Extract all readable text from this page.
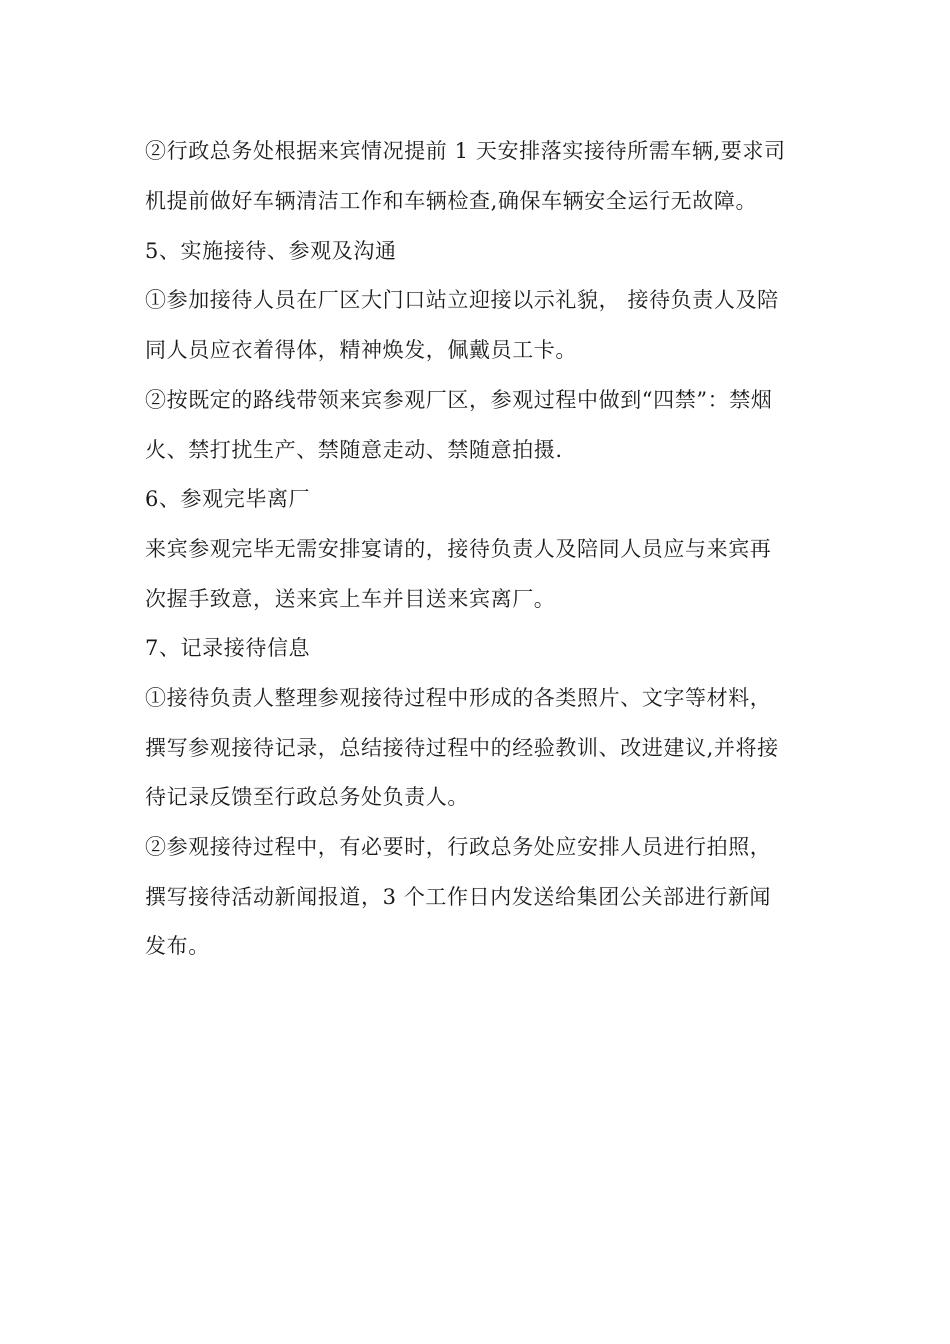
②行政总务处根据来宾情况提前 1 天安排落实接待所需车辆,要求司
机提前做好车辆清洁工作和车辆检查,确保车辆安全运行无故障。
5、实施接待、参观及沟通
①参加接待人员在厂区大门口站立迎接以示礼貌， 接待负责人及陪
同人员应衣着得体，精神焕发，佩戴员工卡。
②按既定的路线带领来宾参观厂区，参观过程中做到“四禁”：禁烟
火、禁打扰生产、禁随意走动、禁随意拍摄.
6、参观完毕离厂
来宾参观完毕无需安排宴请的，接待负责人及陪同人员应与来宾再
次握手致意，送来宾上车并目送来宾离厂。
7、记录接待信息
①接待负责人整理参观接待过程中形成的各类照片、文字等材料，
撰写参观接待记录，总结接待过程中的经验教训、改进建议,并将接
待记录反馈至行政总务处负责人。
②参观接待过程中，有必要时，行政总务处应安排人员进行拍照，
撰写接待活动新闻报道，3 个工作日内发送给集团公关部进行新闻
发布。
